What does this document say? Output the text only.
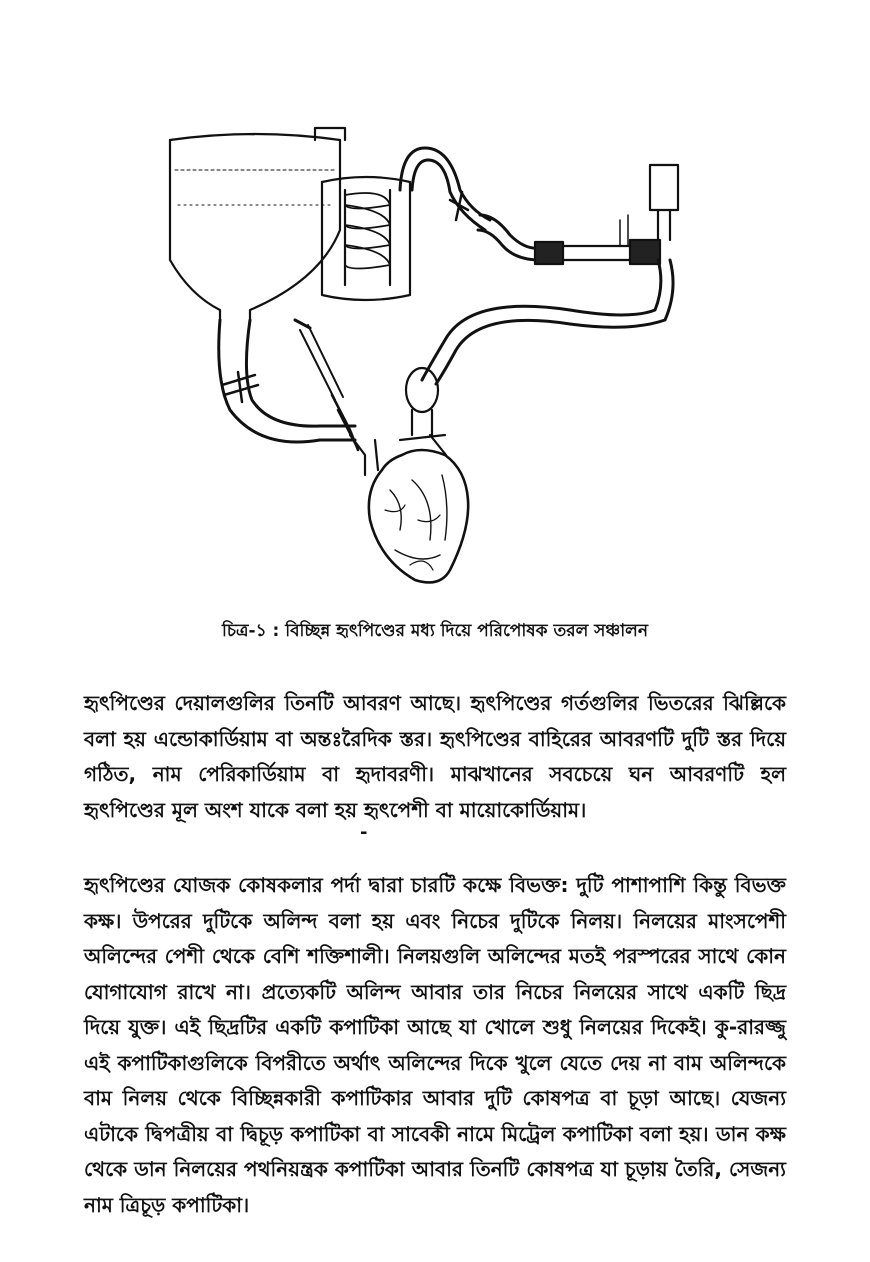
চিত্র-১ : বিচ্ছিন্ন হৃৎপিণ্ডের মধ্য দিয়ে পরিপোষক তরল সঞ্চালন
হৃৎপিণ্ডের দেয়ালগুলির তিনটি আবরণ আছে। হৃৎপিণ্ডের গর্তগুলির ভিতরের ঝিল্লিকে বলা হয় এন্ডোকার্ডিয়াম বা অন্তঃরৈদিক স্তর। হৃৎপিণ্ডের বাহিরের আবরণটি দুটি স্তর দিয়ে গঠিত, নাম পেরিকার্ডিয়াম বা হৃদাবরণী। মাঝখানের সবচেয়ে ঘন আবরণটি হল হৃৎপিণ্ডের মূল অংশ যাকে বলা হয় হৃৎপেশী বা মায়োকোর্ডিয়াম।
-
হৃৎপিণ্ডের যোজক কোষকলার পর্দা দ্বারা চারটি কক্ষে বিভক্ত: দুটি পাশাপাশি কিন্তু বিভক্ত কক্ষ। উপরের দুটিকে অলিন্দ বলা হয় এবং নিচের দুটিকে নিলয়। নিলয়ের মাংসপেশী অলিন্দের পেশী থেকে বেশি শক্তিশালী। নিলয়গুলি অলিন্দের মতই পরস্পরের সাথে কোন যোগাযোগ রাখে না। প্রত্যেকটি অলিন্দ আবার তার নিচের নিলয়ের সাথে একটি ছিদ্র দিয়ে যুক্ত। এই ছিদ্রটির একটি কপাটিকা আছে যা খোলে শুধু নিলয়ের দিকেই। কু-রারজ্জু এই কপাটিকাগুলিকে বিপরীতে অর্থাৎ অলিন্দের দিকে খুলে যেতে দেয় না বাম অলিন্দকে বাম নিলয় থেকে বিচ্ছিন্নকারী কপাটিকার আবার দুটি কোষপত্র বা চূড়া আছে। যেজন্য এটাকে দ্বিপত্রীয় বা দ্বিচূড় কপাটিকা বা সাবেকী নামে মিট্রেল কপাটিকা বলা হয়। ডান কক্ষ থেকে ডান নিলয়ের পথনিয়ন্ত্রক কপাটিকা আবার তিনটি কোষপত্র যা চূড়ায় তৈরি, সেজন্য নাম ত্রিচূড় কপাটিকা।
